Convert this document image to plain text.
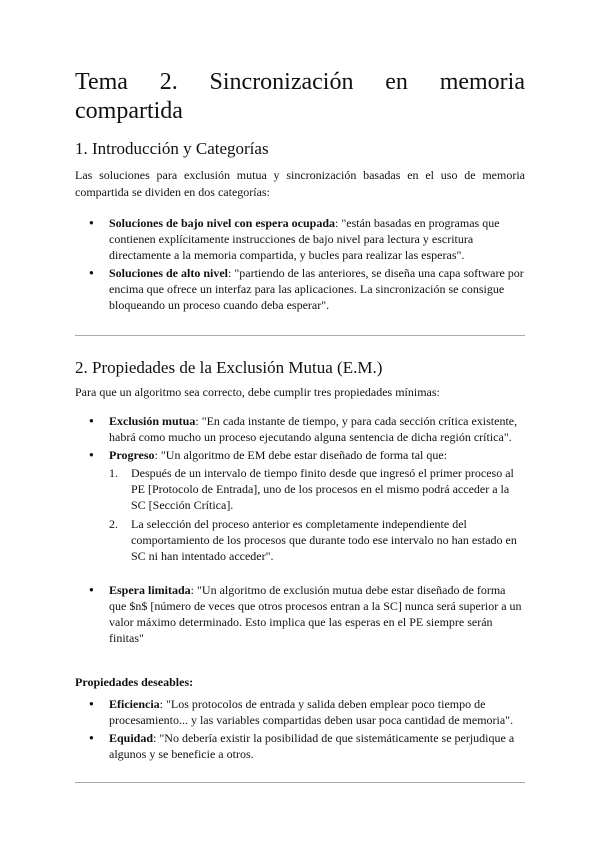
Tema 2. Sincronización en memoria compartida
1. Introducción y Categorías

Las soluciones para exclusión mutua y sincronización basadas en el uso de memoria compartida se dividen en dos categorías:

● Soluciones de bajo nivel con espera ocupada: "están basadas en programas que contienen explícitamente instrucciones de bajo nivel para lectura y escritura directamente a la memoria compartida, y bucles para realizar las esperas".
● Soluciones de alto nivel: "partiendo de las anteriores, se diseña una capa software por encima que ofrece un interfaz para las aplicaciones. La sincronización se consigue bloqueando un proceso cuando deba esperar".
2. Propiedades de la Exclusión Mutua (E.M.)

Para que un algoritmo sea correcto, debe cumplir tres propiedades mínimas:

● Exclusión mutua: "En cada instante de tiempo, y para cada sección crítica existente, habrá como mucho un proceso ejecutando alguna sentencia de dicha región crítica".
● Progreso: "Un algoritmo de EM debe estar diseñado de forma tal que:
1. Después de un intervalo de tiempo finito desde que ingresó el primer proceso al PE [Protocolo de Entrada], uno de los procesos en el mismo podrá acceder a la SC [Sección Crítica].
2. La selección del proceso anterior es completamente independiente del comportamiento de los procesos que durante todo ese intervalo no han estado en SC ni han intentado acceder".
● Espera limitada: "Un algoritmo de exclusión mutua debe estar diseñado de forma que $n$ [número de veces que otros procesos entran a la SC] nunca será superior a un valor máximo determinado. Esto implica que las esperas en el PE siempre serán finitas"

Propiedades deseables:

● Eficiencia: "Los protocolos de entrada y salida deben emplear poco tiempo de procesamiento... y las variables compartidas deben usar poca cantidad de memoria".
● Equidad: "No debería existir la posibilidad de que sistemáticamente se perjudique a algunos y se beneficie a otros.
